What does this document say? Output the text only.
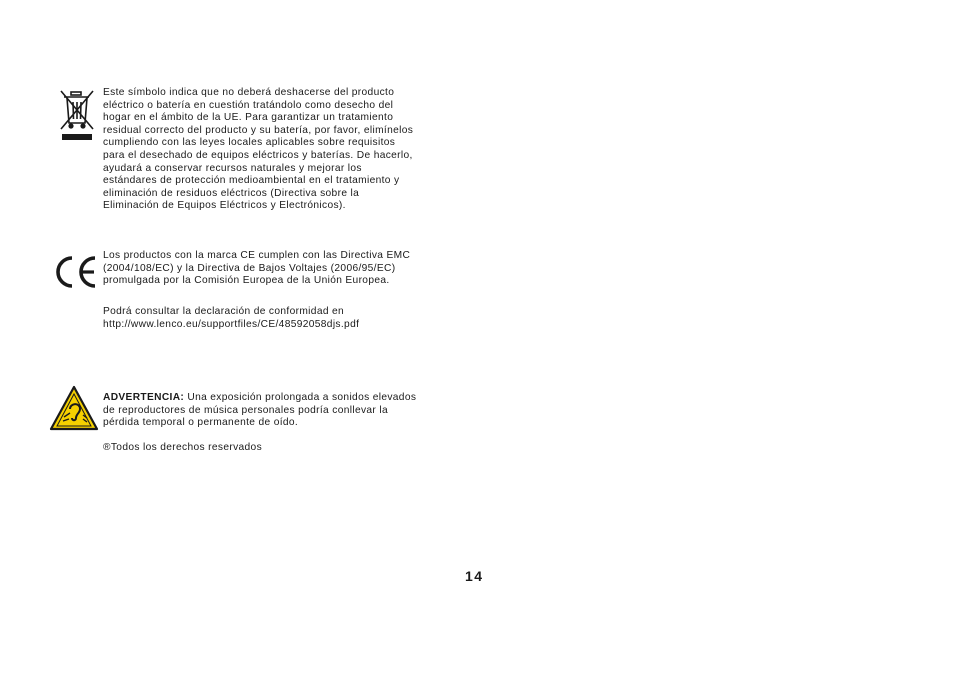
Este símbolo indica que no deberá deshacerse del producto
eléctrico o batería en cuestión tratándolo como desecho del
hogar en el ámbito de la UE. Para garantizar un tratamiento
residual correcto del producto y su batería, por favor, elimínelos
cumpliendo con las leyes locales aplicables sobre requisitos
para el desechado de equipos eléctricos y baterías. De hacerlo,
ayudará a conservar recursos naturales y mejorar los
estándares de protección medioambiental en el tratamiento y
eliminación de residuos eléctricos (Directiva sobre la
Eliminación de Equipos Eléctricos y Electrónicos).
Los productos con la marca CE cumplen con las Directiva EMC
(2004/108/EC) y la Directiva de Bajos Voltajes (2006/95/EC)
promulgada por la Comisión Europea de la Unión Europea.
Podrá consultar la declaración de conformidad en
http://www.lenco.eu/supportfiles/CE/48592058djs.pdf
ADVERTENCIA: Una exposición prolongada a sonidos elevados
de reproductores de música personales podría conllevar la
pérdida temporal o permanente de oído.
®Todos los derechos reservados
14
